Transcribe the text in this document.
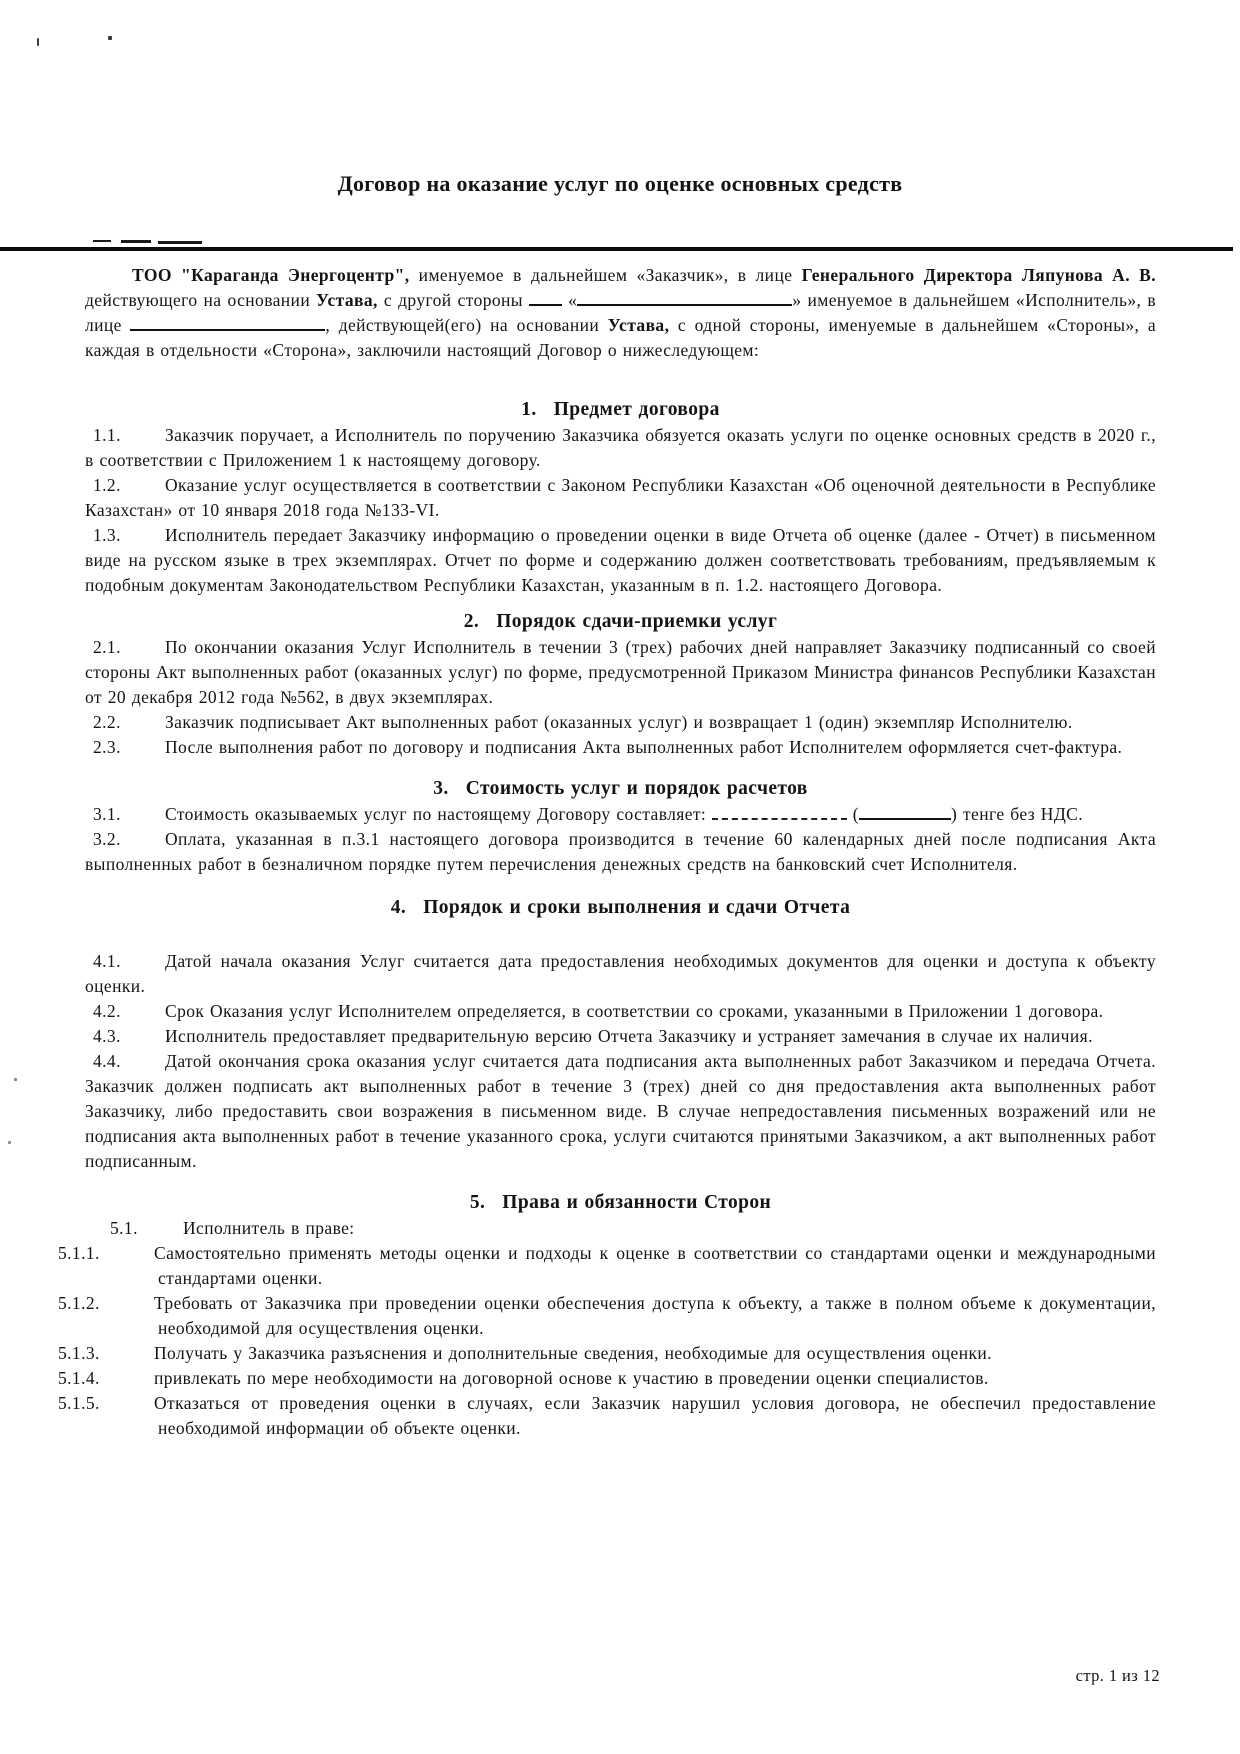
Договор на оказание услуг по оценке основных средств

ТОО "Караганда Энергоцентр", именуемое в дальнейшем «Заказчик», в лице Генерального Директора Ляпунова А. В. действующего на основании Устава, с другой стороны  «	» именуемое в дальнейшем «Исполнитель», в лице	, действующей(его) на основании Устава, с одной стороны, именуемые в дальнейшем «Стороны», а каждая в отдельности «Сторона», заключили настоящий Договор о нижеследующем:

1. Предмет договора

1.1.	Заказчик поручает, а Исполнитель по поручению Заказчика обязуется оказать услуги по оценке основных средств в 2020 г., в соответствии с Приложением 1 к настоящему договору.

1.2.	Оказание услуг осуществляется в соответствии с Законом Республики Казахстан «Об оценочной деятельности в Республике Казахстан» от 10 января 2018 года №133-VI.

1.3.	Исполнитель передает Заказчику информацию о проведении оценки в виде Отчета об оценке (далее - Отчет) в письменном виде на русском языке в трех экземплярах. Отчет по форме и содержанию должен соответствовать требованиям, предъявляемым к подобным документам Законодательством Республики Казахстан, указанным в п. 1.2. настоящего Договора.

2. Порядок сдачи-приемки услуг

2.1.	По окончании оказания Услуг Исполнитель в течении 3 (трех) рабочих дней направляет Заказчику подписанный со своей стороны Акт выполненных работ (оказанных услуг) по форме, предусмотренной Приказом Министра финансов Республики Казахстан от 20 декабря 2012 года №562, в двух экземплярах.

2.2.	Заказчик подписывает Акт выполненных работ (оказанных услуг) и возвращает 1 (один) экземпляр Исполнителю.

2.3.	После выполнения работ по договору и подписания Акта выполненных работ Исполнителем оформляется счет-фактура.

3. Стоимость услуг и порядок расчетов

3.1.	Стоимость оказываемых услуг по настоящему Договору составляет:	(	) тенге без НДС.

3.2.	Оплата, указанная в п.3.1 настоящего договора производится в течение 60 календарных дней после подписания Акта выполненных работ в безналичном порядке путем перечисления денежных средств на банковский счет Исполнителя.

4. Порядок и сроки выполнения и сдачи Отчета

4.1.	Датой начала оказания Услуг считается дата предоставления необходимых документов для оценки и доступа к объекту оценки.

4.2.	Срок Оказания услуг Исполнителем определяется, в соответствии со сроками, указанными в Приложении 1 договора.

4.3.	Исполнитель предоставляет предварительную версию Отчета Заказчику и устраняет замечания в случае их наличия.

4.4.	Датой окончания срока оказания услуг считается дата подписания акта выполненных работ Заказчиком и передача Отчета. Заказчик должен подписать акт выполненных работ в течение 3 (трех) дней со дня предоставления акта выполненных работ Заказчику, либо предоставить свои возражения в письменном виде. В случае непредоставления письменных возражений или не подписания акта выполненных работ в течение указанного срока, услуги считаются принятыми Заказчиком, а акт выполненных работ подписанным.

5. Права и обязанности Сторон

5.1.	Исполнитель в праве:

5.1.1.	Самостоятельно применять методы оценки и подходы к оценке в соответствии со стандартами оценки и международными стандартами оценки.

5.1.2.	Требовать от Заказчика при проведении оценки обеспечения доступа к объекту, а также в полном объеме к документации, необходимой для осуществления оценки.

5.1.3.	Получать у Заказчика разъяснения и дополнительные сведения, необходимые для осуществления оценки.

5.1.4.	привлекать по мере необходимости на договорной основе к участию в проведении оценки специалистов.

5.1.5.	Отказаться от проведения оценки в случаях, если Заказчик нарушил условия договора, не обеспечил предоставление необходимой информации об объекте оценки.

стр. 1 из 12
